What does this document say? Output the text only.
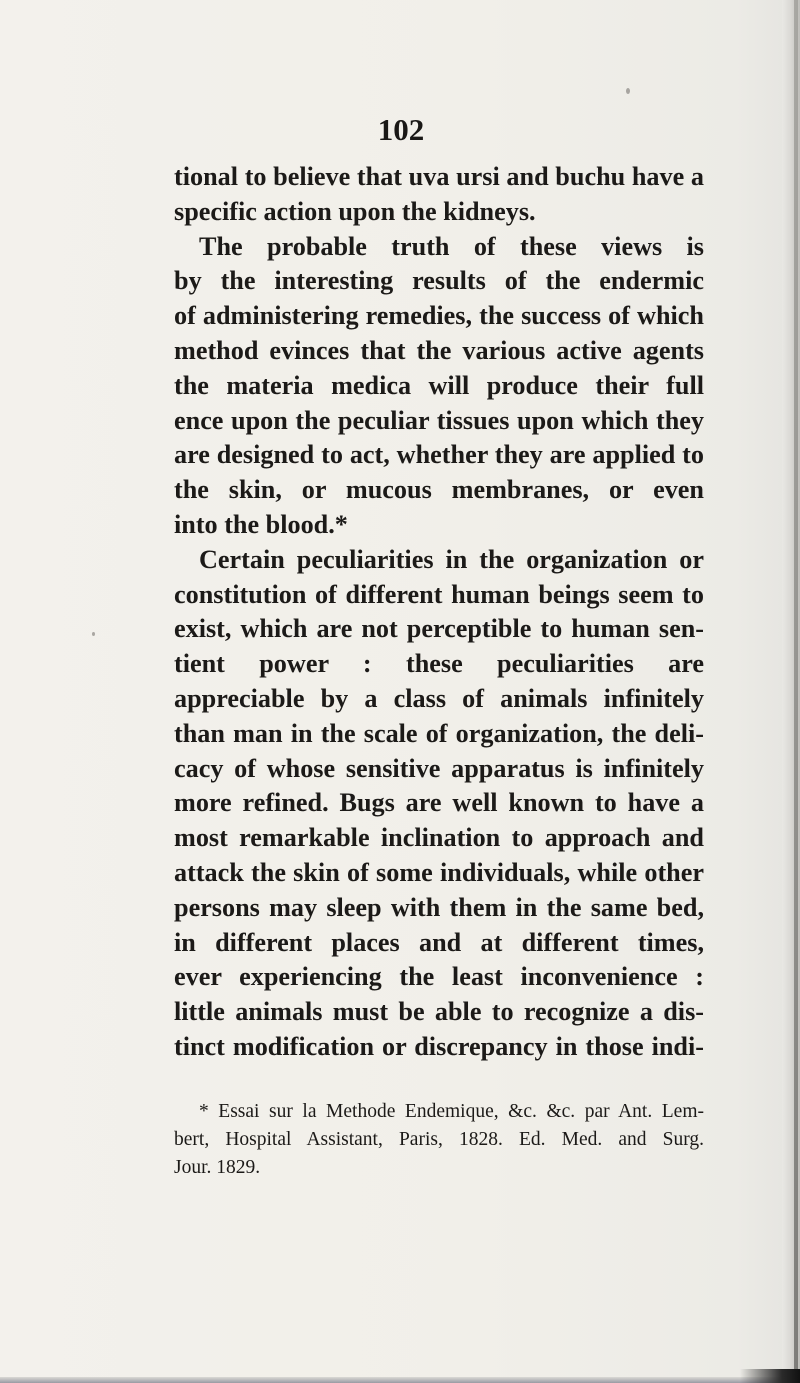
102
tional to believe that uva ursi and buchu have a
specific action upon the kidneys.
The probable truth of these views is
by the interesting results of the endermic
of administering remedies, the success of which
method evinces that the various active agents
the materia medica will produce their full
ence upon the peculiar tissues upon which they
are designed to act, whether they are applied to
the skin, or mucous membranes, or even
into the blood.*
Certain peculiarities in the organization or
constitution of different human beings seem to
exist, which are not perceptible to human sen-
tient power : these peculiarities are
appreciable by a class of animals infinitely
than man in the scale of organization, the deli-
cacy of whose sensitive apparatus is infinitely
more refined. Bugs are well known to have a
most remarkable inclination to approach and
attack the skin of some individuals, while other
persons may sleep with them in the same bed,
in different places and at different times,
ever experiencing the least inconvenience :
little animals must be able to recognize a dis-
tinct modification or discrepancy in those indi-
* Essai sur la Methode Endemique, &c. &c. par Ant. Lem-
bert, Hospital Assistant, Paris, 1828. Ed. Med. and Surg.
Jour. 1829.
